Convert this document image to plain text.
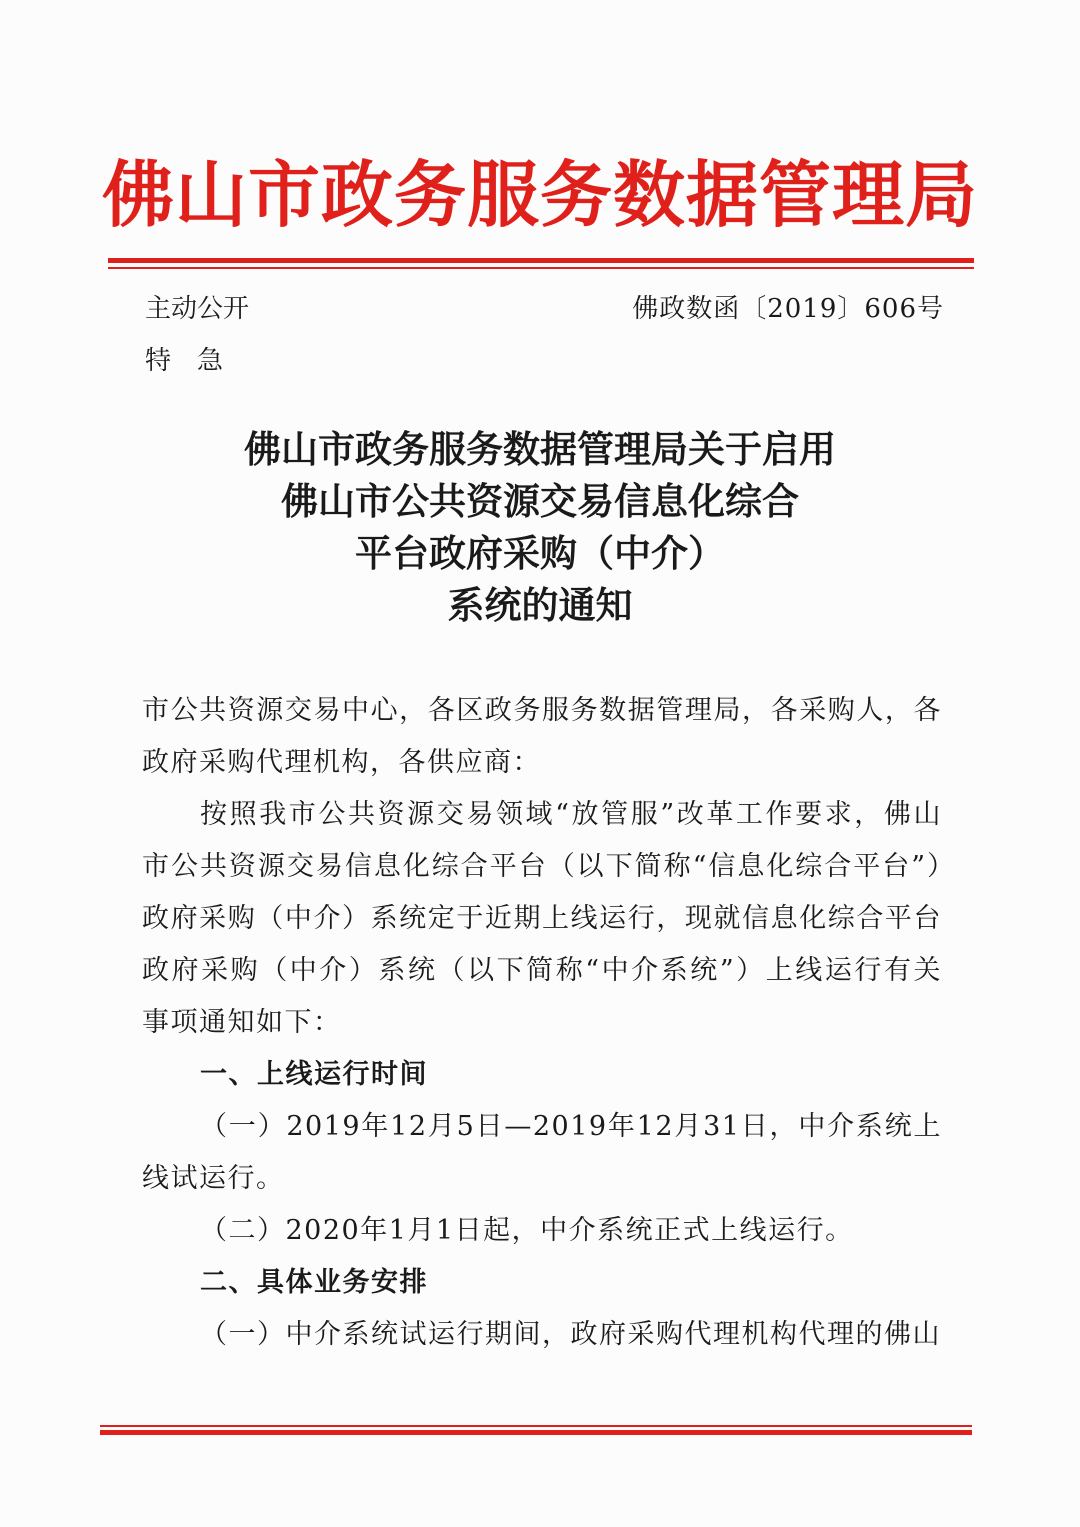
佛山市政务服务数据管理局
主动公开
特急
佛政数函〔2019〕606号
佛山市政务服务数据管理局关于启用
佛山市公共资源交易信息化综合
平台政府采购（中介）
系统的通知

市公共资源交易中心，各区政务服务数据管理局，各采购人，各政府采购代理机构，各供应商：

按照我市公共资源交易领域“放管服”改革工作要求，佛山市公共资源交易信息化综合平台（以下简称“信息化综合平台”）政府采购（中介）系统定于近期上线运行，现就信息化综合平台政府采购（中介）系统（以下简称“中介系统”）上线运行有关事项通知如下：

一、上线运行时间

（一）2019年12月5日—2019年12月31日，中介系统上线试运行。

（二）2020年1月1日起，中介系统正式上线运行。

二、具体业务安排

（一）中介系统试运行期间，政府采购代理机构代理的佛山
